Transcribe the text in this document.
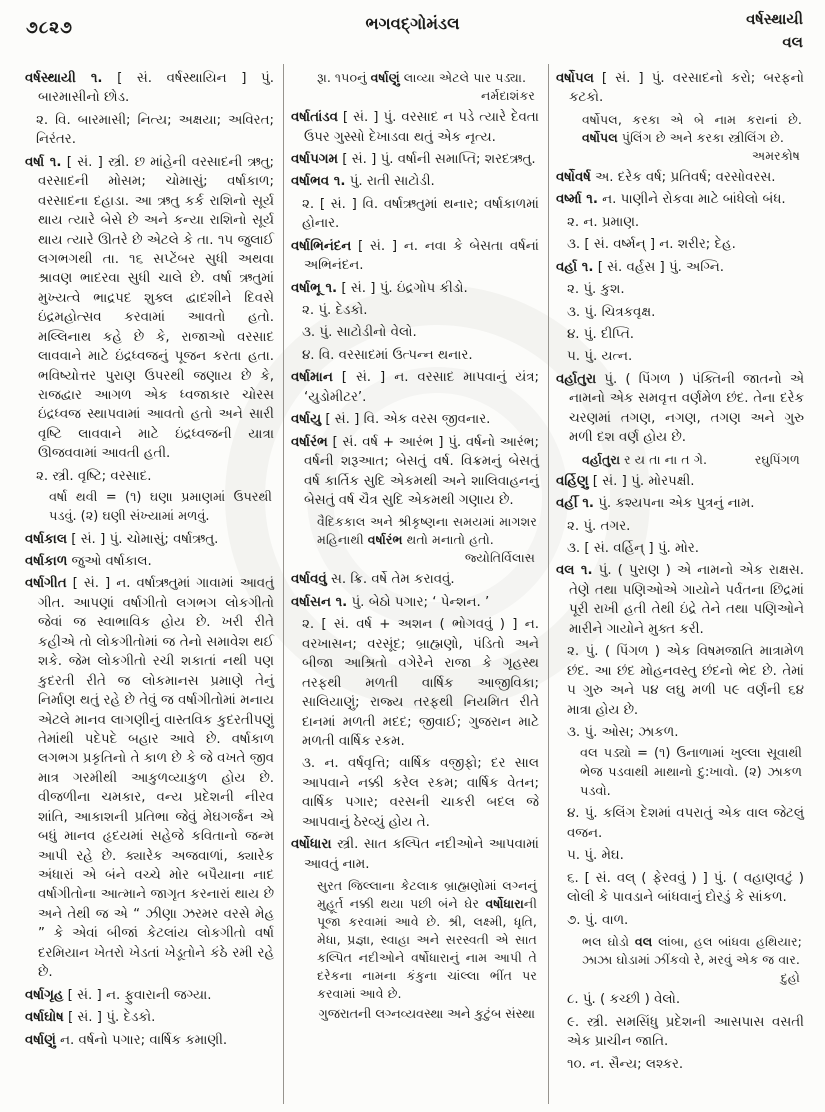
૭૮૨૭	ભગવદ્ગોમંડલ	વર્ષસ્થાયી
વલ

વર્ષસ્થાયી ૧. [ સં. વર્ષસ્થાયિન ] પું. બારમાસીનો છોડ.

૨. વિ. બારમાસી; નિત્ય; અક્ષયા; અવિરત; નિરંતર.

વર્ષા ૧. [ સં. ] સ્ત્રી. છ માંહેની વરસાદની ઋતુ; વરસાદની મોસમ; ચોમાસું; વર્ષાકાળ; વરસાદના દહાડા. આ ઋતુ કર્ક રાશિનો સૂર્ય થાય ત્યારે બેસે છે અને કન્યા રાશિનો સૂર્ય થાય ત્યારે ઊતરે છે એટલે કે તા. ૧૫ જુલાઈ લગભગથી તા. ૧૬ સપ્ટેંબર સુધી અથવા શ્રાવણ ભાદરવા સુધી ચાલે છે. વર્ષા ઋતુમાં મુખ્યત્વે ભાદ્રપદ શુક્લ દ્વાદશીને દિવસે ઇંદ્રમહોત્સવ કરવામાં આવતો હતો. મલ્લિનાથ કહે છે કે, રાજાઓ વરસાદ લાવવાને માટે ઇંદ્રધ્વજનું પૂજન કરતા હતા. ભવિષ્યોત્તર પુરાણ ઉપરથી જણાય છે કે, રાજદ્વાર આગળ એક ધ્વજાકાર ચોરસ ઇંદ્રધ્વજ સ્થાપવામાં આવતો હતો અને સારી વૃષ્ટિ લાવવાને માટે ઇંદ્રધ્વજની યાત્રા ઊજવવામાં આવતી હતી.

૨. સ્ત્રી. વૃષ્ટિ; વરસાદ.

વર્ષા થવી = (૧) ઘણા પ્રમાણમાં ઉપરથી પડવું. (૨) ઘણી સંખ્યામાં મળવું.

વર્ષાકાલ [ સં. ] પું. ચોમાસું; વર્ષાઋતુ.

વર્ષાકાળ જુઓ વર્ષાકાલ.

વર્ષાગીત [ સં. ] ન. વર્ષાઋતુમાં ગાવામાં આવતું ગીત. આપણાં વર્ષાગીતો લગભગ લોકગીતો જેવાં જ સ્વાભાવિક હોય છે. ખરી રીતે કહીએ તો લોકગીતોમાં જ તેનો સમાવેશ થઈ શકે. જેમ લોકગીતો રચી શકાતાં નથી પણ કુદરતી રીતે જ લોકમાનસ પ્રમાણે તેનું નિર્માણ થતું રહે છે તેવું જ વર્ષાગીતોમાં મનાય એટલે માનવ લાગણીનું વાસ્તવિક કુદરતીપણું તેમાંથી પદેપદે બહાર આવે છે. વર્ષાકાળ લગભગ પ્રકૃતિનો તે કાળ છે કે જે વખતે જીવ માત્ર ગરમીથી આકુળવ્યાકુળ હોય છે. વીજળીના ચમકાર, વન્ય પ્રદેશની નીરવ શાંતિ, આકાશની પ્રતિભા જેવું મેઘગર્જન એ બધું માનવ હૃદયમાં સહેજે કવિતાનો જન્મ આપી રહે છે. ક્યારેક અજવાળાં, ક્યારેક અંધારાં એ બંને વચ્ચે મોર બપૈયાના નાદ વર્ષાગીતોના આત્માને જાગૃત કરનારાં થાય છે અને તેથી જ એ “ ઝીણા ઝરમર વરસે મેહ ” કે એવાં બીજાં કેટલાંય લોકગીતો વર્ષા દરમિયાન ખેતરો ખેડતાં ખેડૂતોને કંઠે રમી રહે છે.

વર્ષાગૃહ [ સં. ] ન. ફુવારાની જગ્યા.

વર્ષાઘોષ [ સં. ] પું. દેડકો.

વર્ષાણું ન. વર્ષનો પગાર; વાર્ષિક કમાણી.

રૂા. ૧૫૦નું વર્ષાણું લાવ્યા એટલે પાર પડ્યા.
નર્મદાશંકર

વર્ષાતાંડવ [ સં. ] પું. વરસાદ ન પડે ત્યારે દેવતા ઉપર ગુસ્સો દેખાડવા થતું એક નૃત્ય.

વર્ષાપગમ [ સં. ] પું. વર્ષાની સમાપ્તિ; શરદઋતુ.

વર્ષાભવ ૧. પું. રાતી સાટોડી.

૨. [ સં. ] વિ. વર્ષાઋતુમાં થનાર; વર્ષાકાળમાં હોનાર.

વર્ષાભિનંદન [ સં. ] ન. નવા કે બેસતા વર્ષનાં અભિનંદન.

વર્ષાભૂ ૧. [ સં. ] પું. ઇંદ્રગોપ કીડો.

૨. પું. દેડકો.

૩. પું. સાટોડીનો વેલો.

૪. વિ. વરસાદમાં ઉત્પન્ન થનાર.

વર્ષામાન [ સં. ] ન. વરસાદ માપવાનું યંત્ર; ‘યુડોમીટર’.

વર્ષાયુ [ સં. ] વિ. એક વરસ જીવનાર.

વર્ષારંભ [ સં. વર્ષ + આરંભ ] પું. વર્ષનો આરંભ; વર્ષની શરૂઆત; બેસતું વર્ષ. વિક્રમનું બેસતું વર્ષ કાર્તિક સુદિ એકમથી અને શાલિવાહનનું બેસતું વર્ષ ચૈત્ર સુદિ એકમથી ગણાય છે.

વૈદિકકાલ અને શ્રીકૃષ્ણના સમયમાં માગશર મહિનાથી વર્ષારંભ થતો મનાતો હતો.
જ્યોતિર્વિલાસ

વર્ષાવવું સ. ક્રિ. વર્ષે તેમ કરાવવું.

વર્ષાસન ૧. પું. બેઠો પગાર; ‘ પેન્શન. ’

૨. [ સં. વર્ષ + અશન ( ભોગવવું ) ] ન. વરખાસન; વરસૂંદ; બ્રાહ્મણો, પંડિતો અને બીજા આશ્રિતો વગેરેને રાજા કે ગૃહસ્થ તરફથી મળતી વાર્ષિક આજીવિકા; સાલિયાણું; રાજ્ય તરફથી નિયમિત રીતે દાનમાં મળતી મદદ; જીવાઈ; ગુજરાન માટે મળતી વાર્ષિક રકમ.

૩. ન. વર્ષવૃત્તિ; વાર્ષિક વજીફો; દર સાલ આપવાને નક્કી કરેલ રકમ; વાર્ષિક વેતન; વાર્ષિક પગાર; વરસની ચાકરી બદલ જે આપવાનું ઠેરવ્યું હોય તે.

વર્ષોધારા સ્ત્રી. સાત કલ્પિત નદીઓને આપવામાં આવતું નામ.

સુરત જિલ્લાના કેટલાક બ્રાહ્મણોમાં લગ્નનું મુહૂર્ત નક્કી થયા પછી બંને ઘેર વર્ષોધારાની પૂજા કરવામાં આવે છે. શ્રી, લક્ષ્મી, ધૃતિ, મેધા, પ્રજ્ઞા, સ્વાહા અને સરસ્વતી એ સાત કલ્પિત નદીઓને વર્ષોધારાનું નામ આપી તે દરેકના નામના કંકુના ચાંલ્લા ભીંત પર કરવામાં આવે છે.

ગુજરાતની લગ્નવ્યવસ્થા અને કુટુંબ સંસ્થા

વર્ષોપલ [ સં. ] પું. વરસાદનો કરો; બરફનો કટકો.

વર્ષોપલ, કરકા એ બે નામ કરાનાં છે. વર્ષોપલ પુંલિંગ છે અને કરકા સ્ત્રીલિંગ છે.
અમરકોષ

વર્ષોવર્ષ અ. દરેક વર્ષ; પ્રતિવર્ષ; વરસોવરસ.

વર્ષ્મા ૧. ન. પાણીને રોકવા માટે બાંધેલો બંધ.

૨. ન. પ્રમાણ.

૩. [ સં. વર્ષ્મન્ ] ન. શરીર; દેહ.

વર્હા ૧. [ સં. વર્હસ ] પું. અગ્નિ.

૨. પું. કુશ.

૩. પું. ચિત્રકવૃક્ષ.

૪. પું. દીપ્તિ.

૫. પું. યત્ન.

વર્હાતુરા પું. ( પિંગળ ) પંક્તિની જાતનો એ નામનો એક સમવૃત્ત વર્ણમેળ છંદ. તેના દરેક ચરણમાં તગણ, નગણ, તગણ અને ગુરુ મળી દશ વર્ણ હોય છે.

રઘુપિંગળ
વર્હાતુરા ર ય તા ના ત ગે.

વર્હિણુ [ સં. ] પું. મોરપક્ષી.

વર્હી ૧. પું. કશ્યપના એક પુત્રનું નામ.

૨. પું. તગર.

૩. [ સં. વર્હિન્ ] પું. મોર.

વલ ૧. પું. ( પુરાણ ) એ નામનો એક રાક્ષસ. તેણે તથા પણિઓએ ગાયોને પર્વતના છિદ્રમાં પૂરી રાખી હતી તેથી ઇંદ્રે તેને તથા પણિઓને મારીને ગાયોને મુક્ત કરી.

૨. પું. ( પિંગળ ) એક વિષમજાતિ માત્રામેળ છંદ. આ છંદ મોહનવસ્તુ છંદનો ભેદ છે. તેમાં ૫ ગુરુ અને ૫૪ લઘુ મળી ૫૯ વર્ણની ૬૪ માત્રા હોય છે.

૩. પું. ઓસ; ઝાકળ.

વલ પડ્યો = (૧) ઉનાળામાં ખુલ્લા સૂવાથી ભેજ પડવાથી માથાનો દુ:ખાવો. (૨) ઝાકળ પડવો.

૪. પું. કલિંગ દેશમાં વપરાતું એક વાલ જેટલું વજન.

૫. પું. મેઘ.

૬. [ સં. વલ્ ( ફેરવવું ) ] પું. ( વહાણવટું ) લોલી કે પાવડાને બાંધવાનું દોરડું કે સાંકળ.

૭. પું. વાળ.

ભલ ઘોડો વલ લાંબા, હલ બાંધવા હથિયાર; ઝાઝા ઘોડામાં ઝીંકવો રે, મરવું એક જ વાર.
દુહો

૮. પું. ( કચ્છી ) વેલો.

૯. સ્ત્રી. સમસિંધુ પ્રદેશની આસપાસ વસતી એક પ્રાચીન જાતિ.

૧૦. ન. સૈન્ય; લશ્કર.
